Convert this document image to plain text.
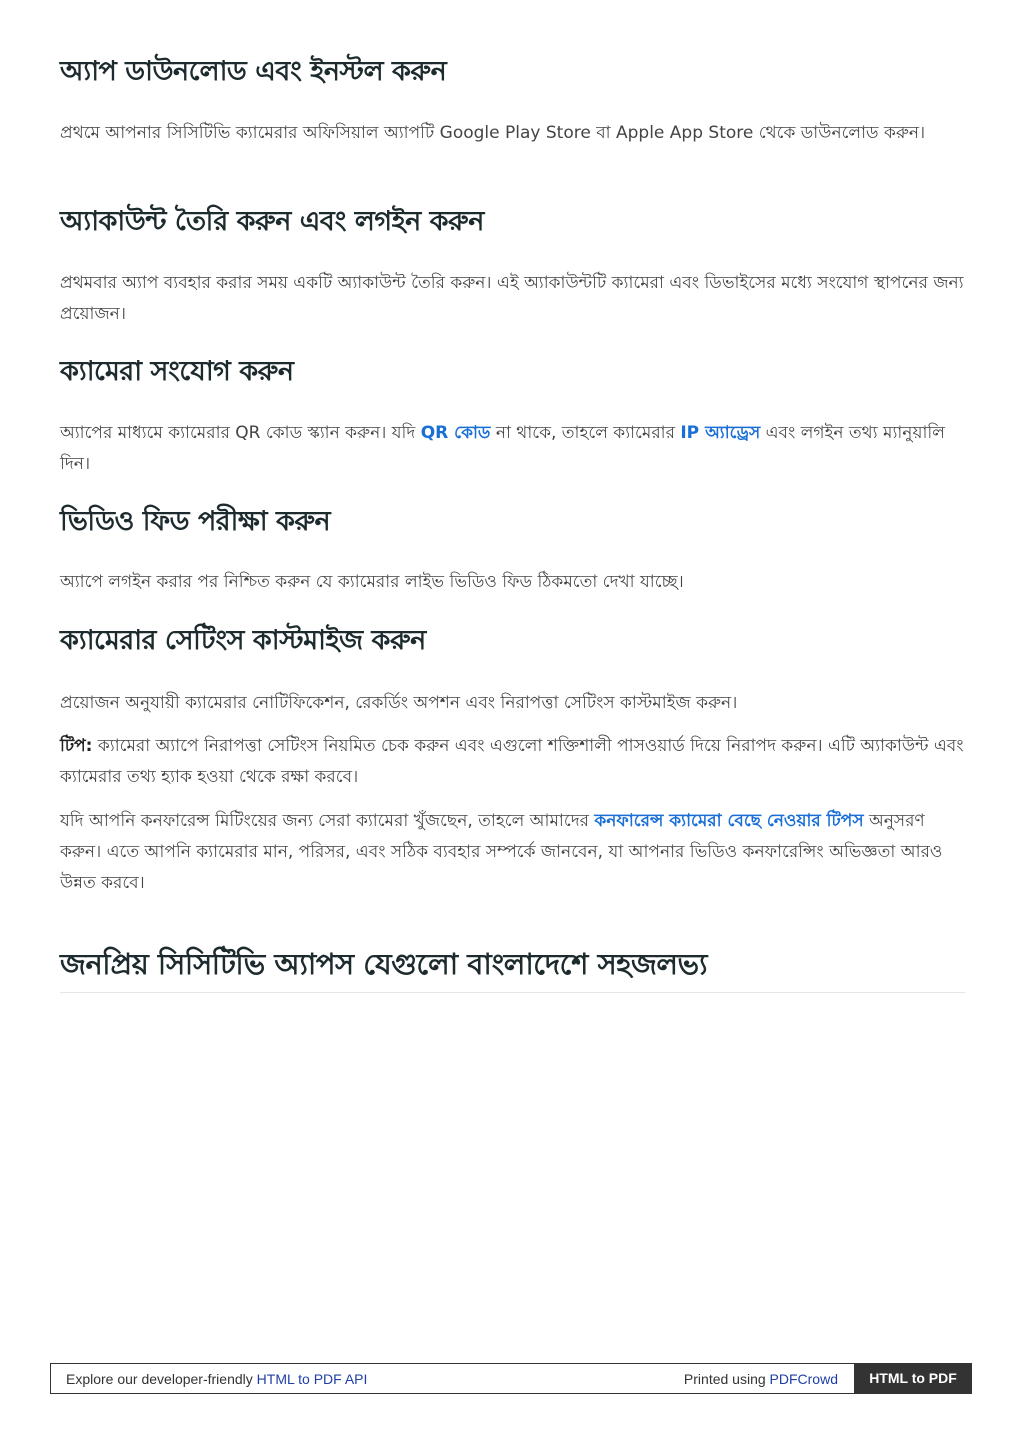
অ্যাপ ডাউনলোড এবং ইনস্টল করুন

প্রথমে আপনার সিসিটিভি ক্যামেরার অফিসিয়াল অ্যাপটি Google Play Store বা Apple App Store থেকে ডাউনলোড করুন।

অ্যাকাউন্ট তৈরি করুন এবং লগইন করুন

প্রথমবার অ্যাপ ব্যবহার করার সময় একটি অ্যাকাউন্ট তৈরি করুন। এই অ্যাকাউন্টটি ক্যামেরা এবং ডিভাইসের মধ্যে সংযোগ স্থাপনের জন্য প্রয়োজন।

ক্যামেরা সংযোগ করুন

অ্যাপের মাধ্যমে ক্যামেরার QR কোড স্ক্যান করুন। যদি QR কোড না থাকে, তাহলে ক্যামেরার IP অ্যাড্রেস এবং লগইন তথ্য ম্যানুয়ালি দিন।

ভিডিও ফিড পরীক্ষা করুন

অ্যাপে লগইন করার পর নিশ্চিত করুন যে ক্যামেরার লাইভ ভিডিও ফিড ঠিকমতো দেখা যাচ্ছে।

ক্যামেরার সেটিংস কাস্টমাইজ করুন

প্রয়োজন অনুযায়ী ক্যামেরার নোটিফিকেশন, রেকর্ডিং অপশন এবং নিরাপত্তা সেটিংস কাস্টমাইজ করুন।

টিপ: ক্যামেরা অ্যাপে নিরাপত্তা সেটিংস নিয়মিত চেক করুন এবং এগুলো শক্তিশালী পাসওয়ার্ড দিয়ে নিরাপদ করুন। এটি অ্যাকাউন্ট এবং ক্যামেরার তথ্য হ্যাক হওয়া থেকে রক্ষা করবে।

যদি আপনি কনফারেন্স মিটিংয়ের জন্য সেরা ক্যামেরা খুঁজছেন, তাহলে আমাদের কনফারেন্স ক্যামেরা বেছে নেওয়ার টিপস অনুসরণ করুন। এতে আপনি ক্যামেরার মান, পরিসর, এবং সঠিক ব্যবহার সম্পর্কে জানবেন, যা আপনার ভিডিও কনফারেন্সিং অভিজ্ঞতা আরও উন্নত করবে।

জনপ্রিয় সিসিটিভি অ্যাপস যেগুলো বাংলাদেশে সহজলভ্য
Explore our developer-friendly HTML to PDF API	Printed using PDFCrowd	HTML to PDF
